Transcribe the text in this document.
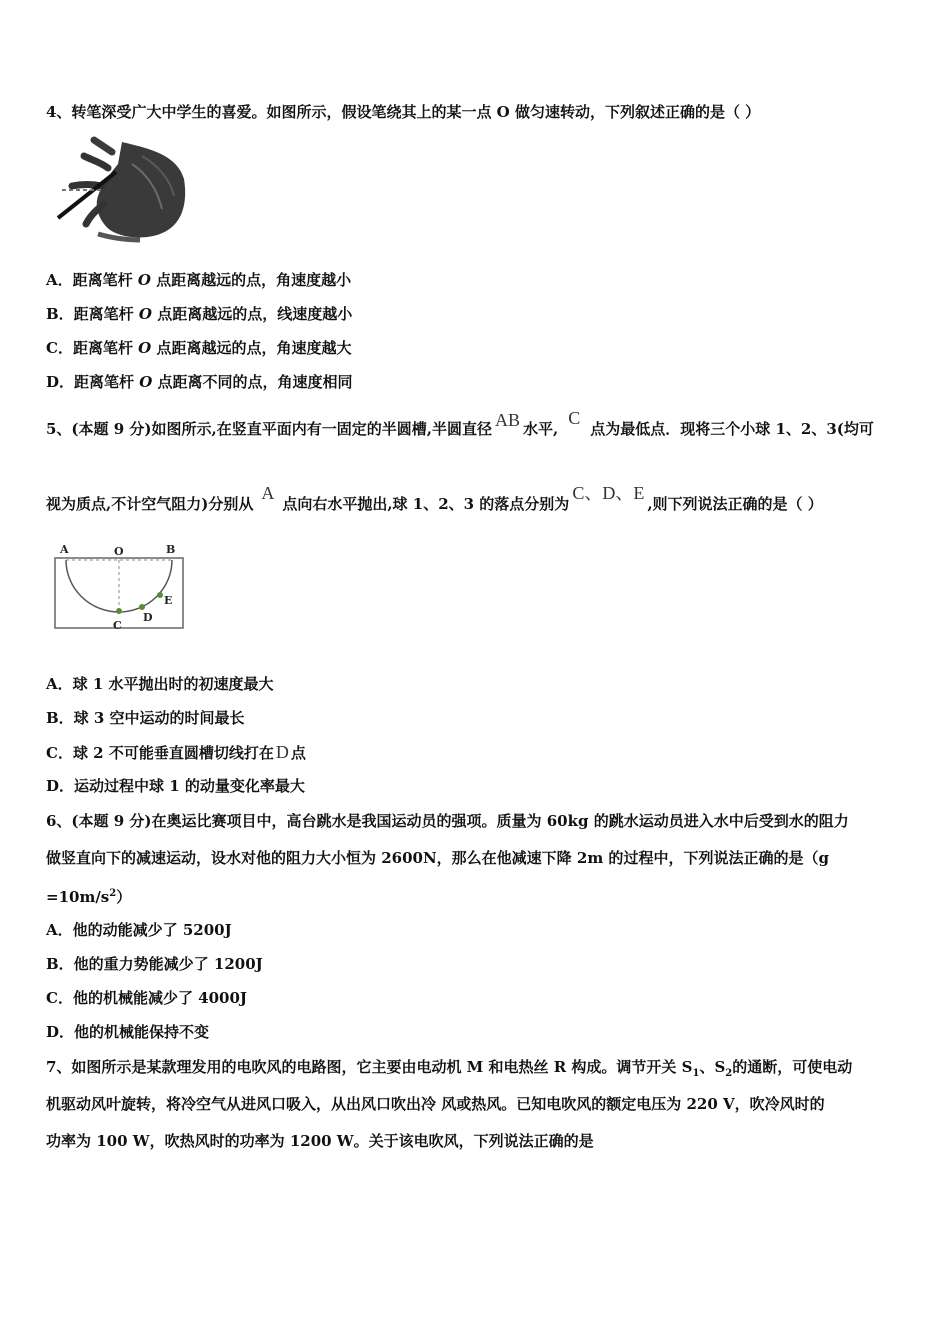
4、转笔深受广大中学生的喜爱。如图所示，假设笔绕其上的某一点 O 做匀速转动，下列叙述正确的是（ ）
A．距离笔杆 O 点距离越远的点，角速度越小
B．距离笔杆 O 点距离越远的点，线速度越小
C．距离笔杆 O 点距离越远的点，角速度越大
D．距离笔杆 O 点距离不同的点，角速度相同
5、(本题 9 分)如图所示,在竖直平面内有一固定的半圆槽,半圆直径 AB 水平,C点为最低点．现将三个小球 1、2、3(均可
视为质点,不计空气阻力)分别从A点向右水平抛出,球 1、2、3 的落点分别为C、D、E,则下列说法正确的是（ ）
A	O	B
C
D
E
A．球 1 水平抛出时的初速度最大
B．球 3 空中运动的时间最长
C．球 2 不可能垂直圆槽切线打在 D 点
D．运动过程中球 1 的动量变化率最大
6、(本题 9 分)在奥运比赛项目中，高台跳水是我国运动员的强项。质量为 60kg 的跳水运动员进入水中后受到水的阻力
做竖直向下的减速运动，设水对他的阻力大小恒为 2600N，那么在他减速下降 2m 的过程中，下列说法正确的是（g
$=10m/s^2$）
A．他的动能减少了 5200J
B．他的重力势能减少了 1200J
C．他的机械能减少了 4000J
D．他的机械能保持不变
7、如图所示是某款理发用的电吹风的电路图，它主要由电动机 M 和电热丝 R 构成。调节开关 $S_1$、$S_2$的通断，可使电动
机驱动风叶旋转，将冷空气从进风口吸入，从出风口吹出冷 风或热风。已知电吹风的额定电压为 220 V，吹冷风时的
功率为 100 W，吹热风时的功率为 1200 W。关于该电吹风，下列说法正确的是
